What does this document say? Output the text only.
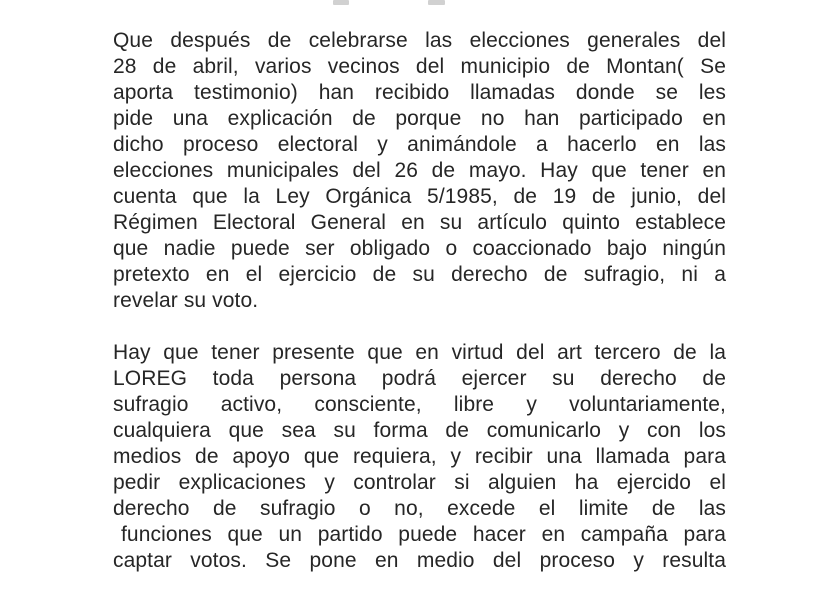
Que después de celebrarse las elecciones generales del
28 de abril, varios vecinos del municipio de Montan( Se
aporta testimonio) han recibido llamadas donde se les
pide una explicación de porque no han participado en
dicho proceso electoral y animándole a hacerlo en las
elecciones municipales del 26 de mayo. Hay que tener en
cuenta que la Ley Orgánica 5/1985, de 19 de junio, del
Régimen Electoral General en su artículo quinto establece
que nadie puede ser obligado o coaccionado bajo ningún
pretexto en el ejercicio de su derecho de sufragio, ni a
revelar su voto.
Hay que tener presente que en virtud del art tercero de la
LOREG toda persona podrá ejercer su derecho de
sufragio activo, consciente, libre y voluntariamente,
cualquiera que sea su forma de comunicarlo y con los
medios de apoyo que requiera, y recibir una llamada para
pedir explicaciones y controlar si alguien ha ejercido el
derecho de sufragio o no, excede el limite de las
funciones que un partido puede hacer en campaña para
captar votos. Se pone en medio del proceso y resulta
